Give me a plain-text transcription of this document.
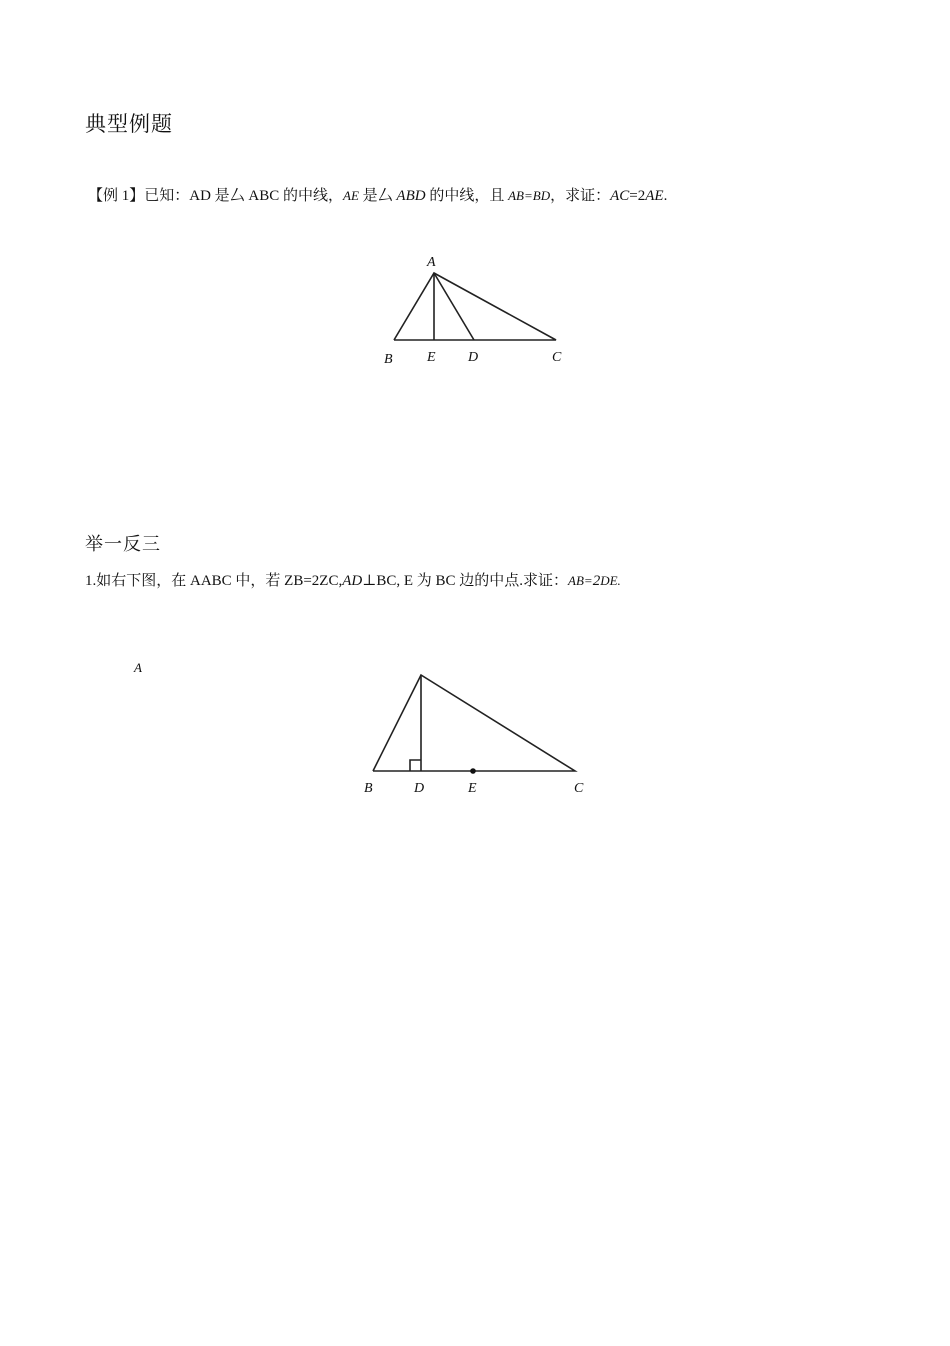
典型例题
【例 1】已知：AD 是厶 ABC 的中线，AE 是厶 ABD 的中线，且 AB=BD，求证：AC=2AE.
A
B E D	C
举一反三
1.如右下图，在 AABC 中，若 ZB=2ZC,AD⊥BC, E 为 BC 边的中点.求证：AB=2DE.
A
B	D	E	C
